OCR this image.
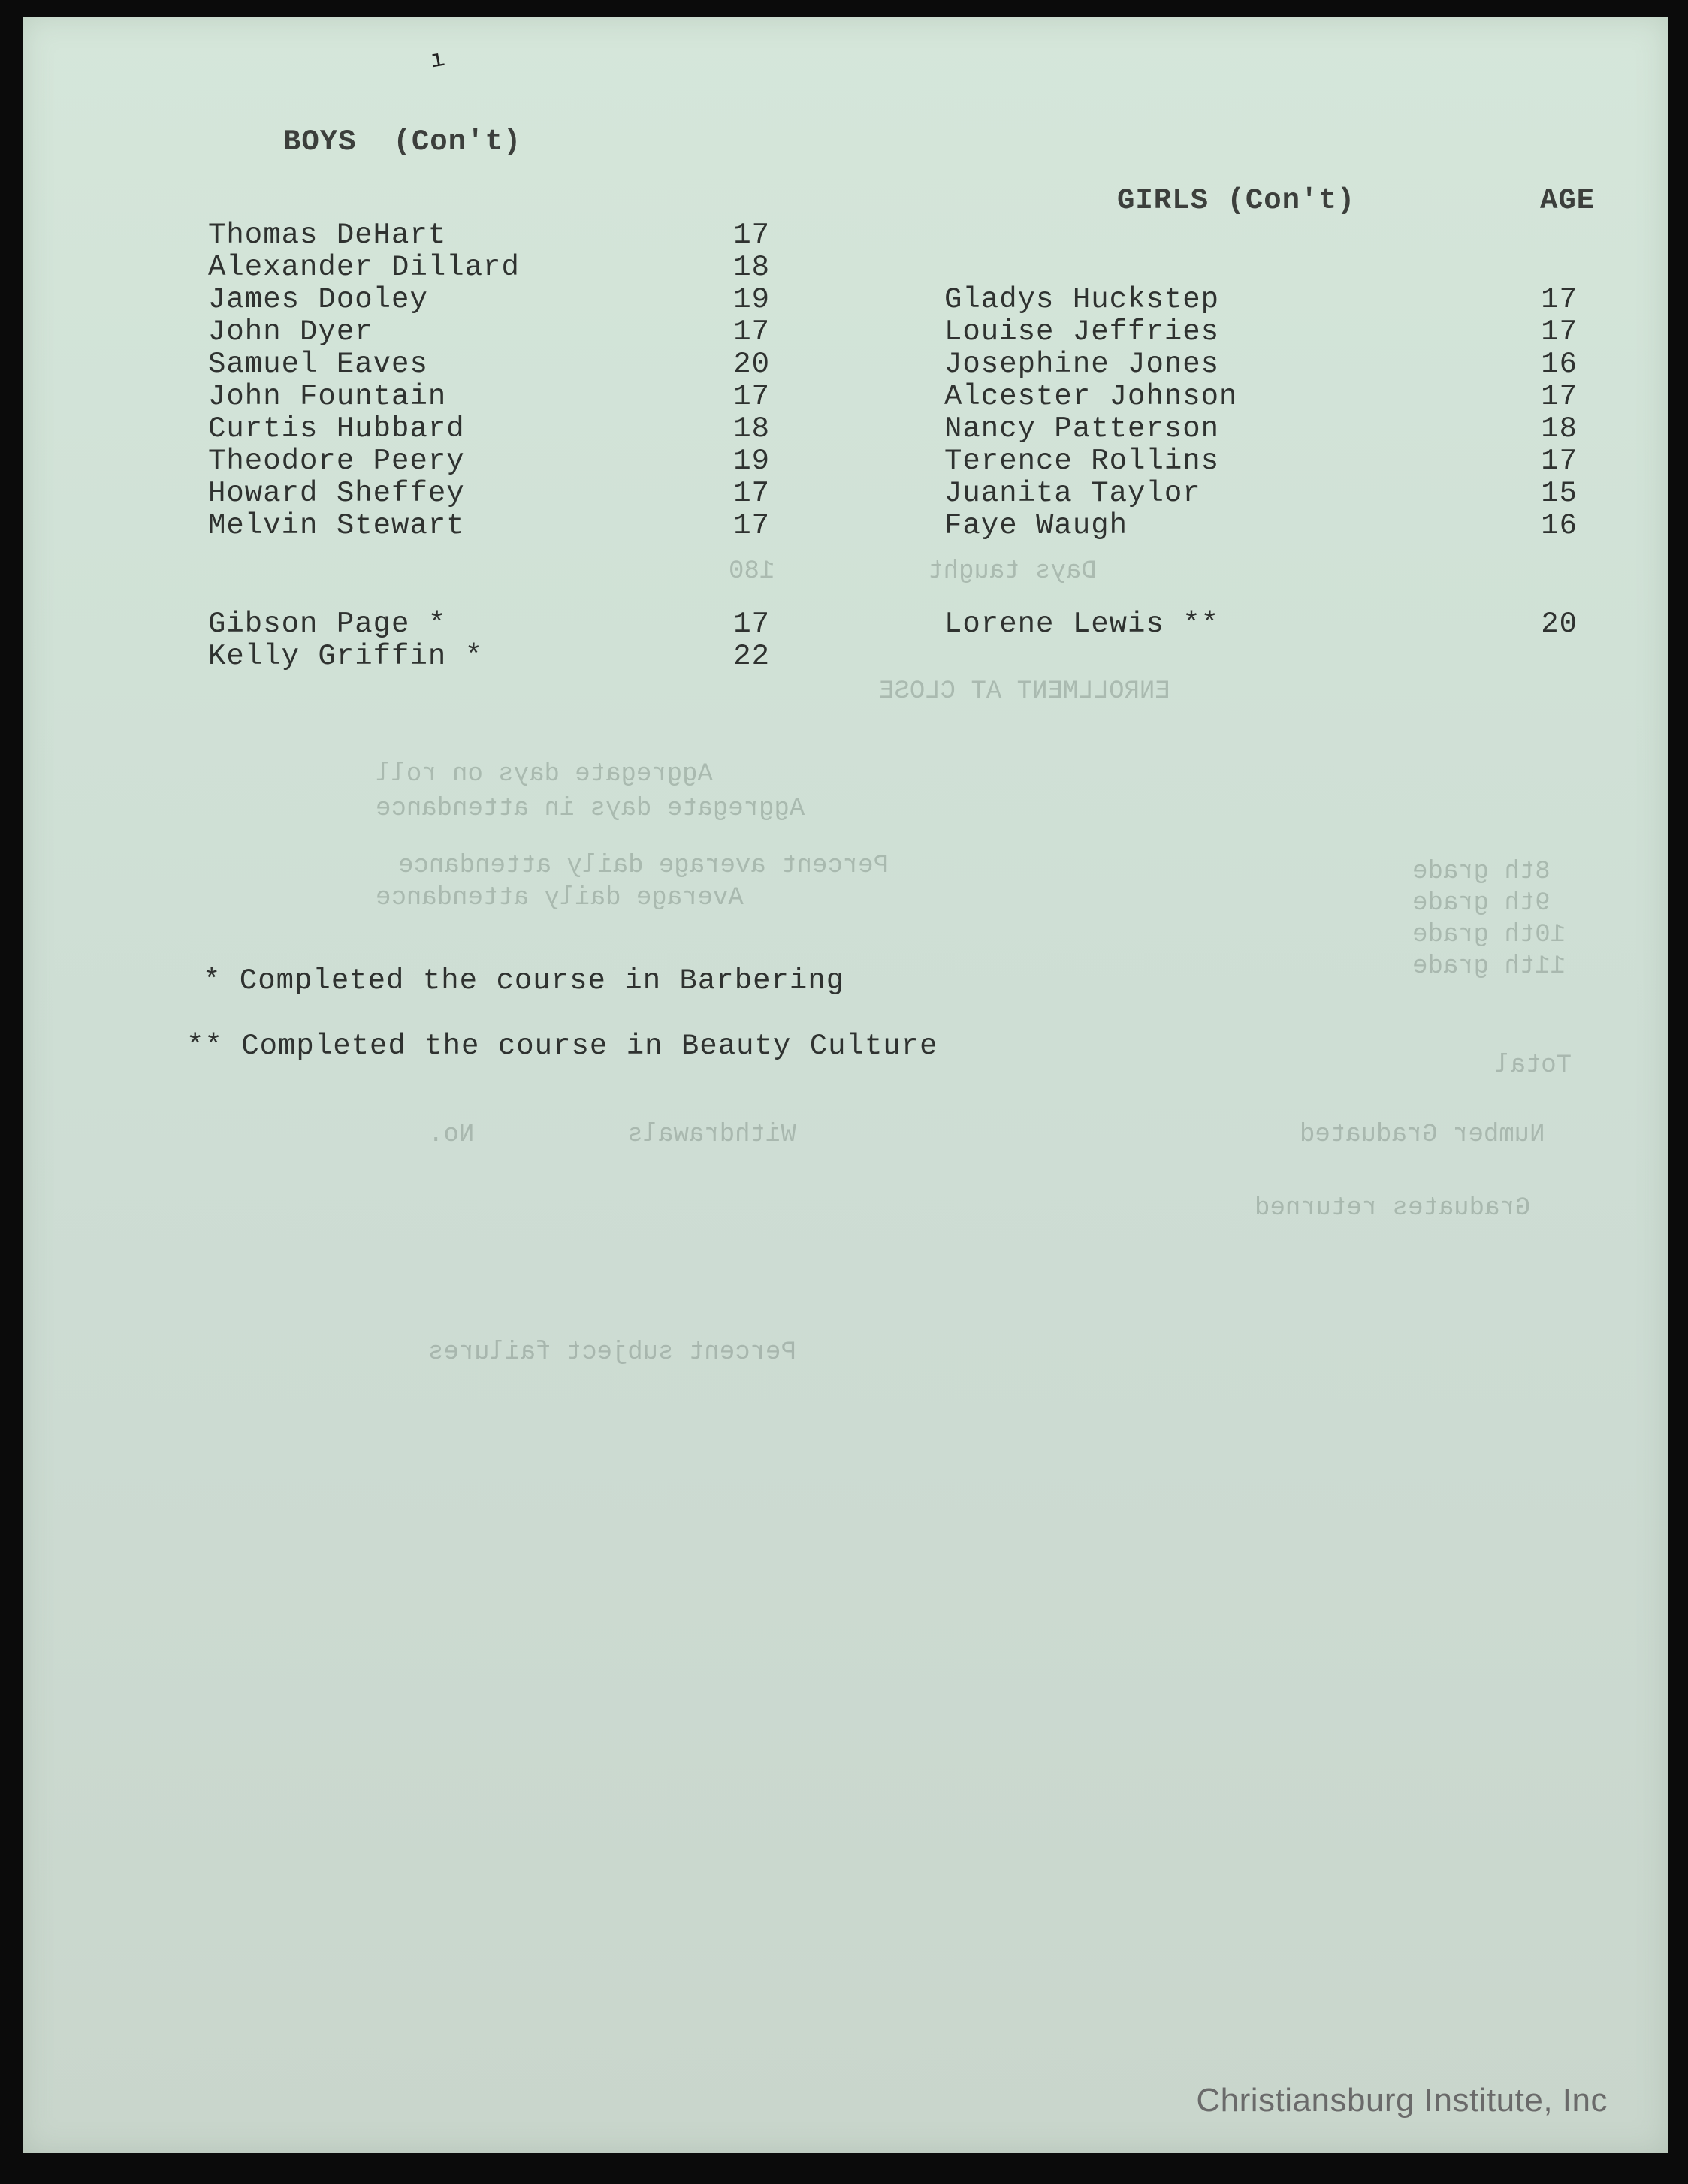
Days taught          180
ENROLLMENT AT CLOSE
Aggregate days on roll
Aggregate days in attendance
Percent average daily attendance
Average daily attendance
8th grade
9th grade
10th grade
11th grade
Total
Number Graduated
Graduates returned
Withdrawals          No.
Percent subject failures
ı
BOYS  (Con't)
GIRLS (Con't)	AGE
Thomas DeHart	17
Alexander Dillard	18
James Dooley	19
John Dyer	17
Samuel Eaves	20
John Fountain	17
Curtis Hubbard	18
Theodore Peery	19
Howard Sheffey	17
Melvin Stewart	17
Gibson Page *	17
Kelly Griffin *	22
Gladys Huckstep	17
Louise Jeffries	17
Josephine Jones	16
Alcester Johnson	17
Nancy Patterson	18
Terence Rollins	17
Juanita Taylor	15
Faye Waugh	16
Lorene Lewis **	20
* Completed the course in Barbering
** Completed the course in Beauty Culture
Christiansburg Institute, Inc
